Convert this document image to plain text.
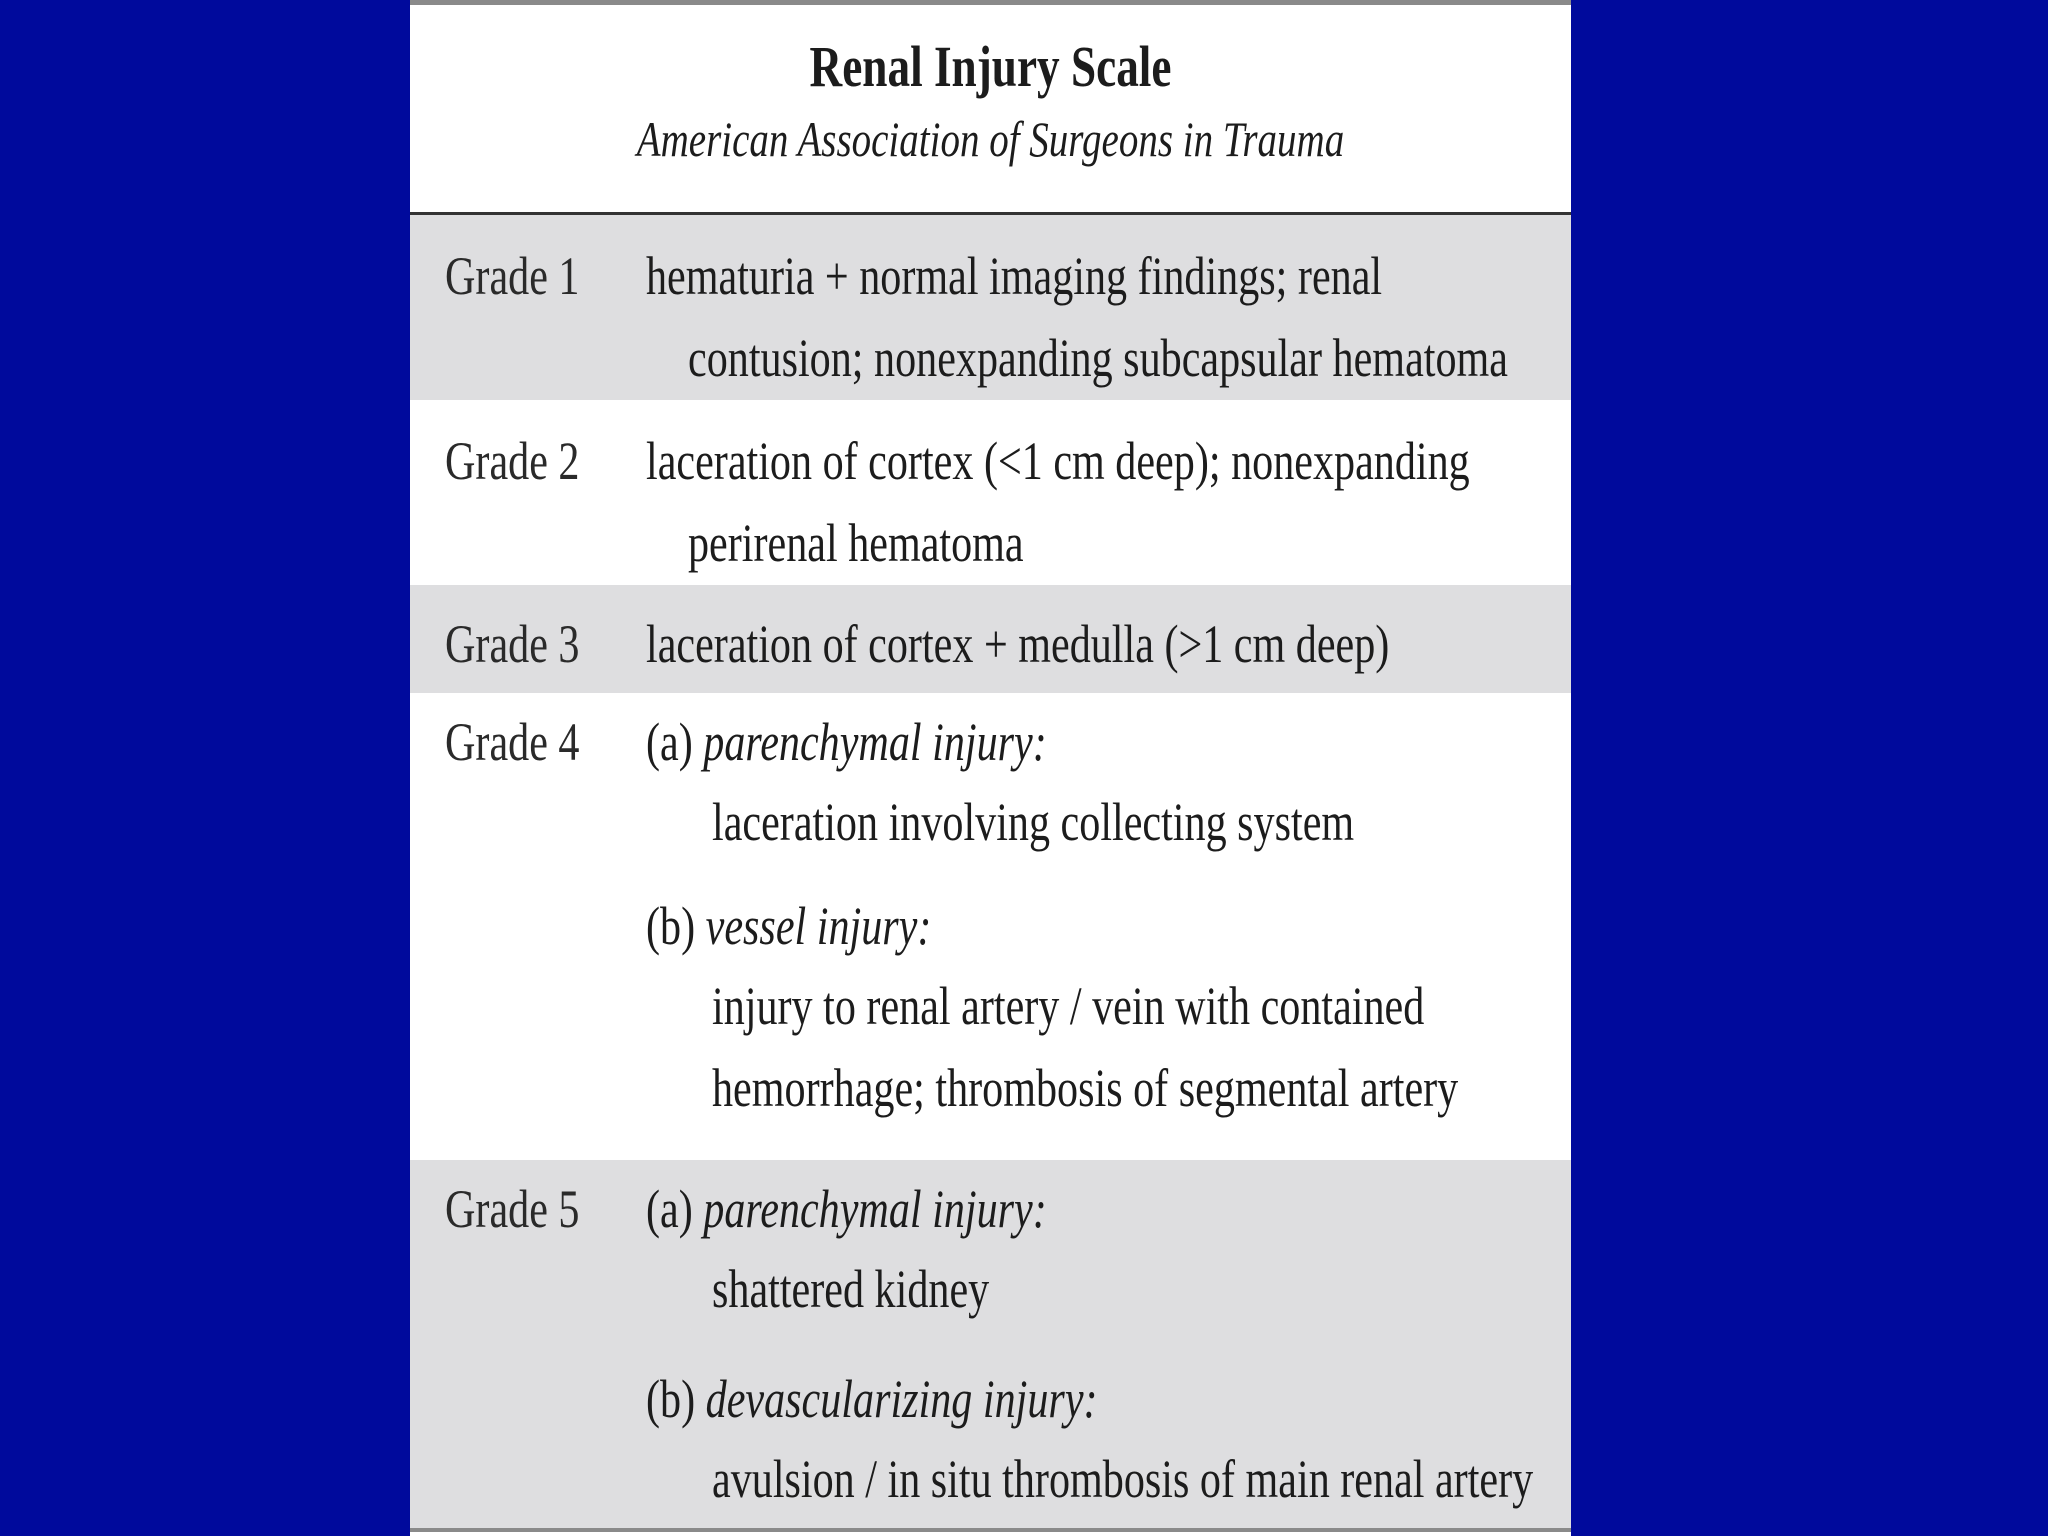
Renal Injury Scale
American Association of Surgeons in Trauma
Grade 1 hematuria + normal imaging findings; renal
contusion; nonexpanding subcapsular hematoma
Grade 2 laceration of cortex (<1 cm deep); nonexpanding
perirenal hematoma
Grade 3 laceration of cortex + medulla (>1 cm deep)
Grade 4 (a) parenchymal injury:
laceration involving collecting system
(b) vessel injury:
injury to renal artery / vein with contained
hemorrhage; thrombosis of segmental artery
Grade 5 (a) parenchymal injury:
shattered kidney
(b) devascularizing injury:
avulsion / in situ thrombosis of main renal artery
